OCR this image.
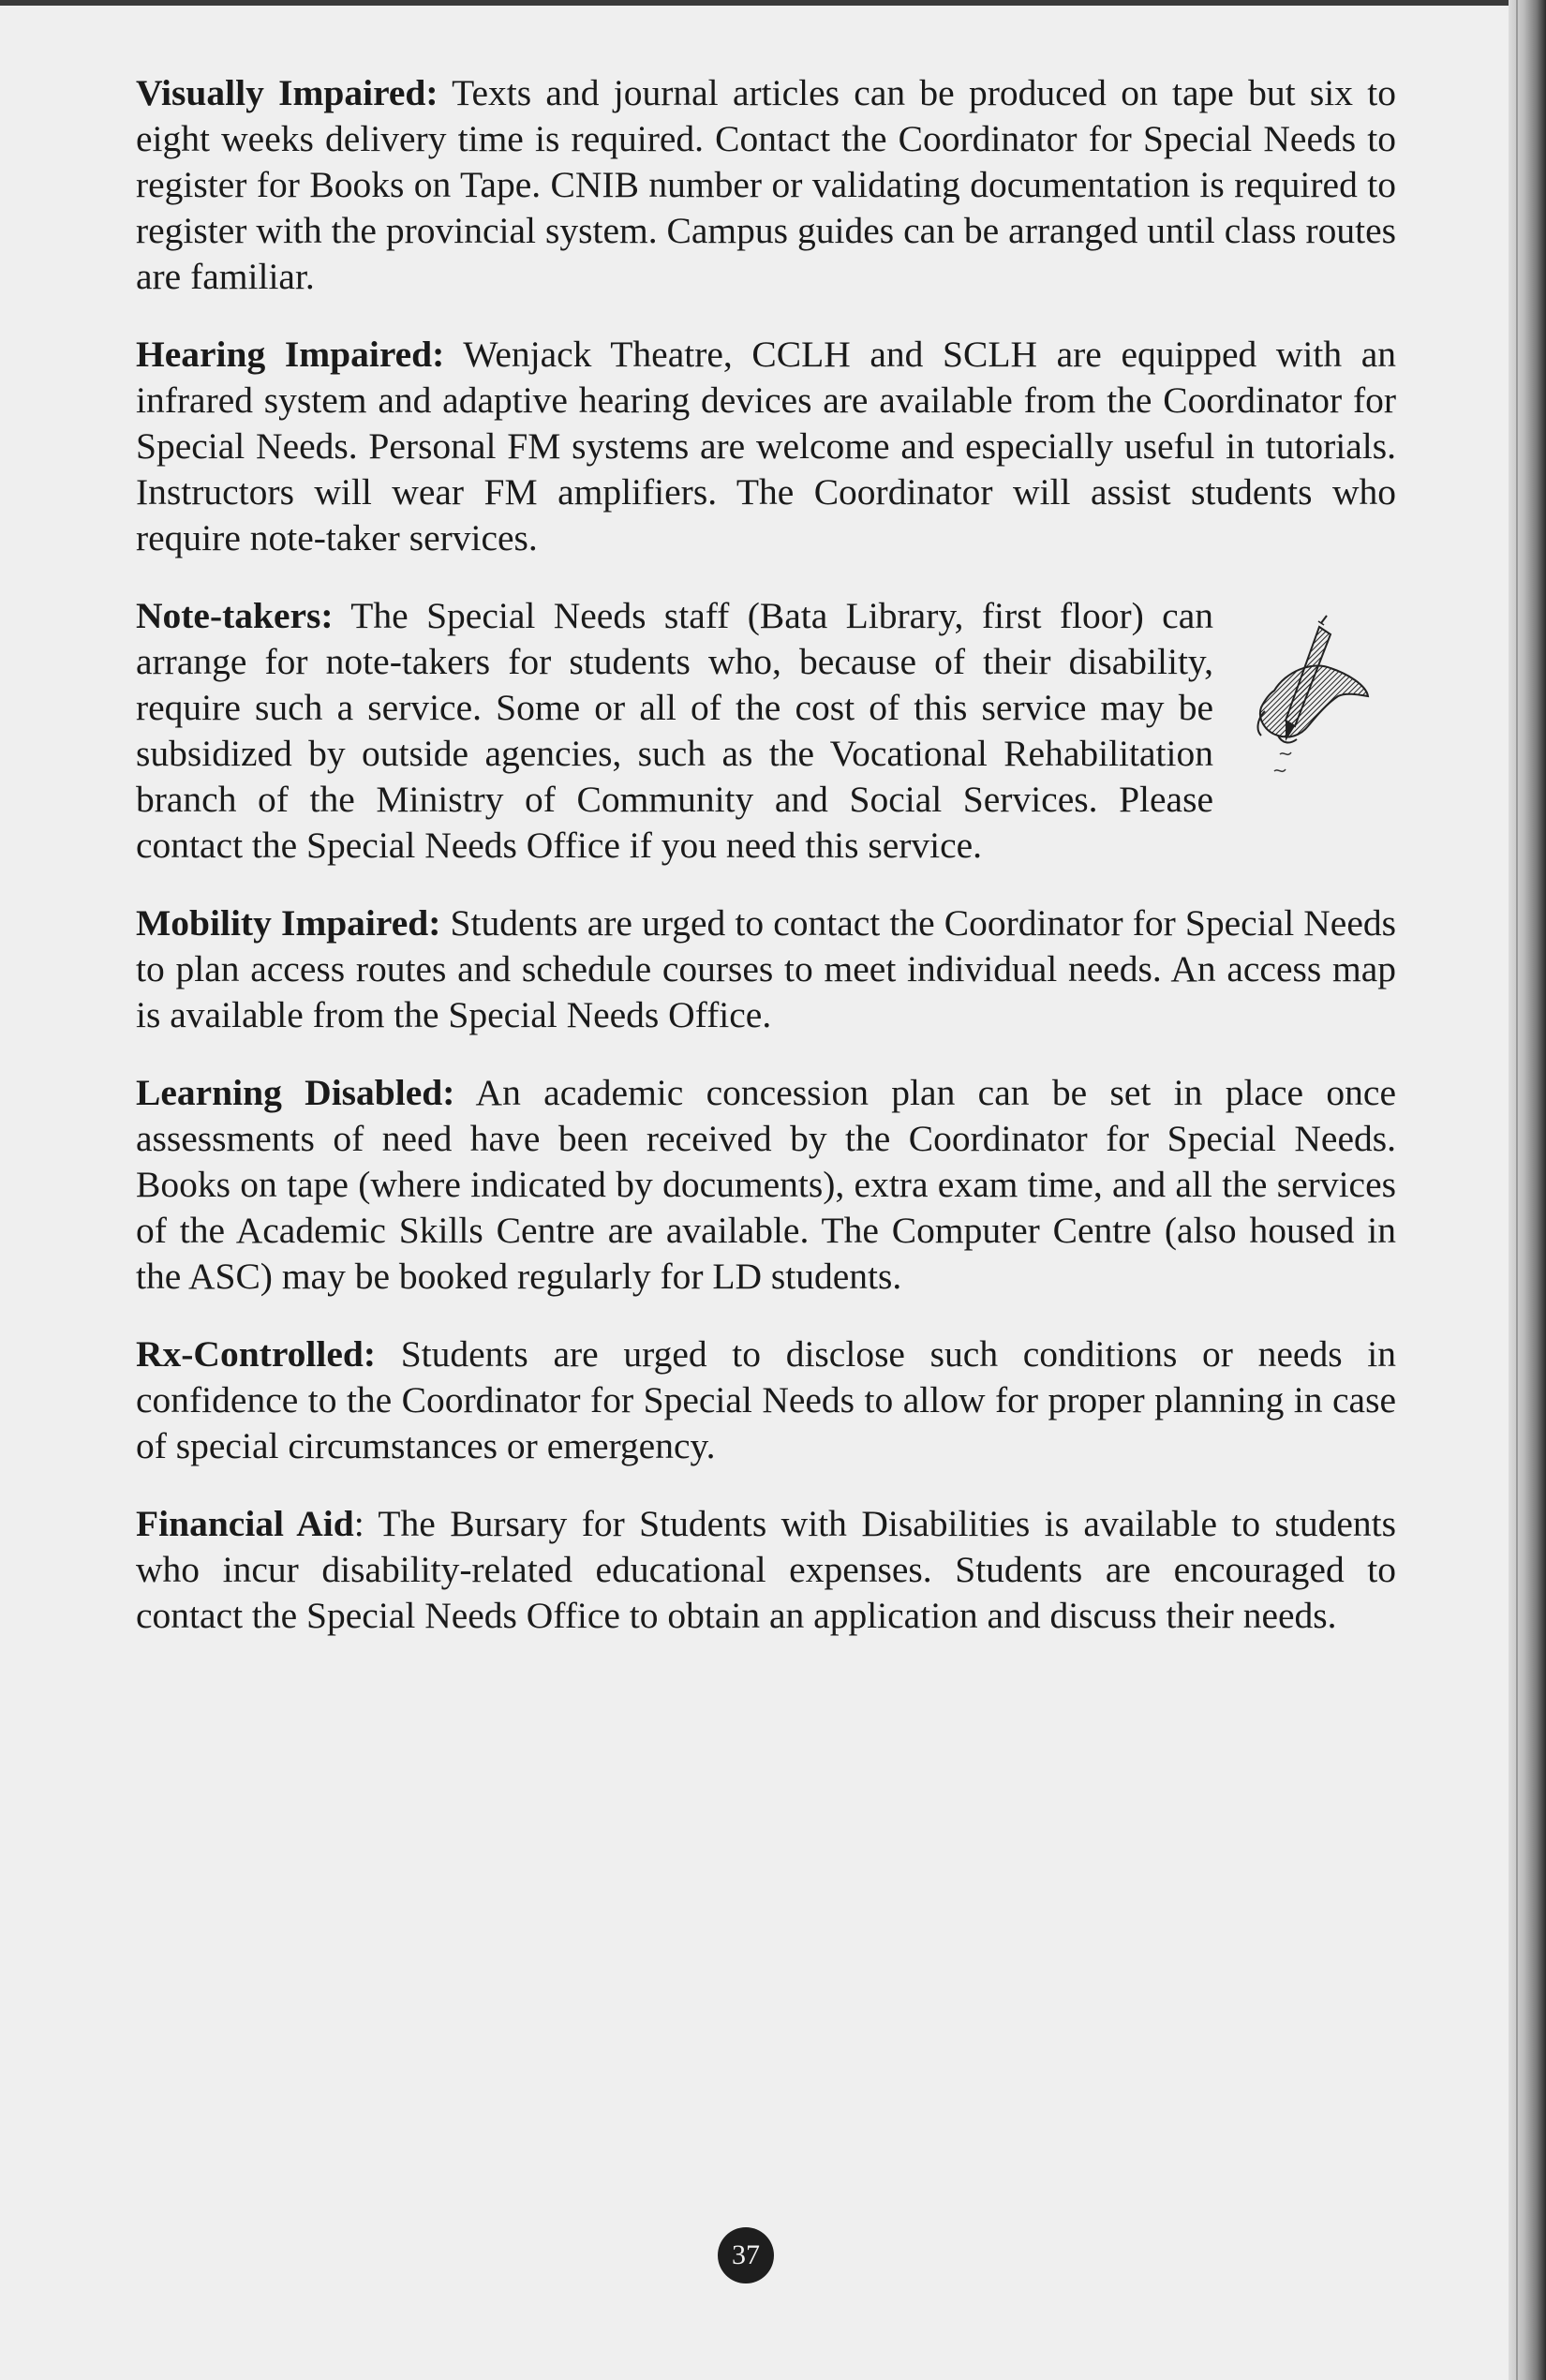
Visually Impaired: Texts and journal articles can be produced on tape but six to eight weeks delivery time is required. Contact the Coordinator for Special Needs to register for Books on Tape. CNIB number or validating documentation is required to register with the provincial system. Campus guides can be arranged until class routes are familiar.

Hearing Impaired: Wenjack Theatre, CCLH and SCLH are equipped with an infrared system and adaptive hearing devices are available from the Coordinator for Special Needs. Personal FM systems are welcome and especially useful in tutorials. Instructors will wear FM amplifiers. The Coordinator will assist students who require note-taker services.

Note-takers: The Special Needs staff (Bata Library, first floor) can arrange for note-takers for students who, because of their disability, require such a service. Some or all of the cost of this service may be subsidized by outside agencies, such as the Vocational Rehabilitation branch of the Ministry of Community and Social Services. Please contact the Special Needs Office if you need this service.

Mobility Impaired: Students are urged to contact the Coordinator for Special Needs to plan access routes and schedule courses to meet individual needs. An access map is available from the Special Needs Office.

Learning Disabled: An academic concession plan can be set in place once assessments of need have been received by the Coordinator for Special Needs. Books on tape (where indicated by documents), extra exam time, and all the services of the Academic Skills Centre are available. The Computer Centre (also housed in the ASC) may be booked regularly for LD students.

Rx-Controlled: Students are urged to disclose such conditions or needs in confidence to the Coordinator for Special Needs to allow for proper planning in case of special circumstances or emergency.

Financial Aid: The Bursary for Students with Disabilities is available to students who incur disability-related educational expenses. Students are encouraged to contact the Special Needs Office to obtain an application and discuss their needs.

37
